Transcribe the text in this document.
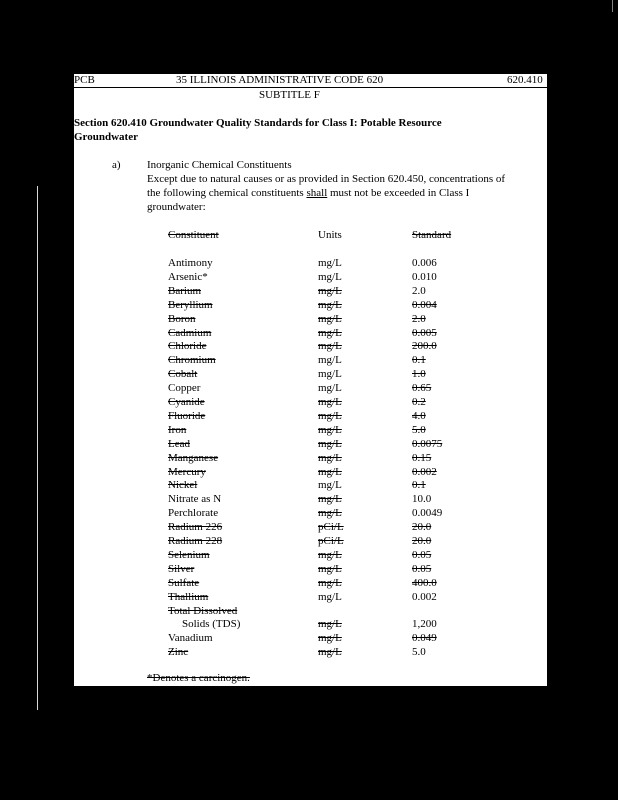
PCB	35 ILLINOIS ADMINISTRATIVE CODE 620	620.410
SUBTITLE F
Section 620.410 Groundwater Quality Standards for Class I: Potable Resource
Groundwater
a) Inorganic Chemical Constituents
Except due to natural causes or as provided in Section 620.450, concentrations of
the following chemical constituents shall must not be exceeded in Class I
groundwater:
Constituent	Units	Standard
Antimony	mg/L	0.006
Arsenic*	mg/L	0.010
Barium	mg/L	2.0
Beryllium	mg/L	0.004
Boron	mg/L	2.0
Cadmium	mg/L	0.005
Chloride	mg/L	200.0
Chromium	mg/L	0.1
Cobalt	mg/L	1.0
Copper	mg/L	0.65
Cyanide	mg/L	0.2
Fluoride	mg/L	4.0
Iron	mg/L	5.0
Lead	mg/L	0.0075
Manganese	mg/L	0.15
Mercury	mg/L	0.002
Nickel	mg/L	0.1
Nitrate as N	mg/L	10.0
Perchlorate	mg/L	0.0049
Radium 226	pCi/L	20.0
Radium 228	pCi/L	20.0
Selenium	mg/L	0.05
Silver	mg/L	0.05
Sulfate	mg/L	400.0
Thallium	mg/L	0.002
Total Dissolved
Solids (TDS)	mg/L	1,200
Vanadium	mg/L	0.049
Zinc	mg/L	5.0
*Denotes a carcinogen.
